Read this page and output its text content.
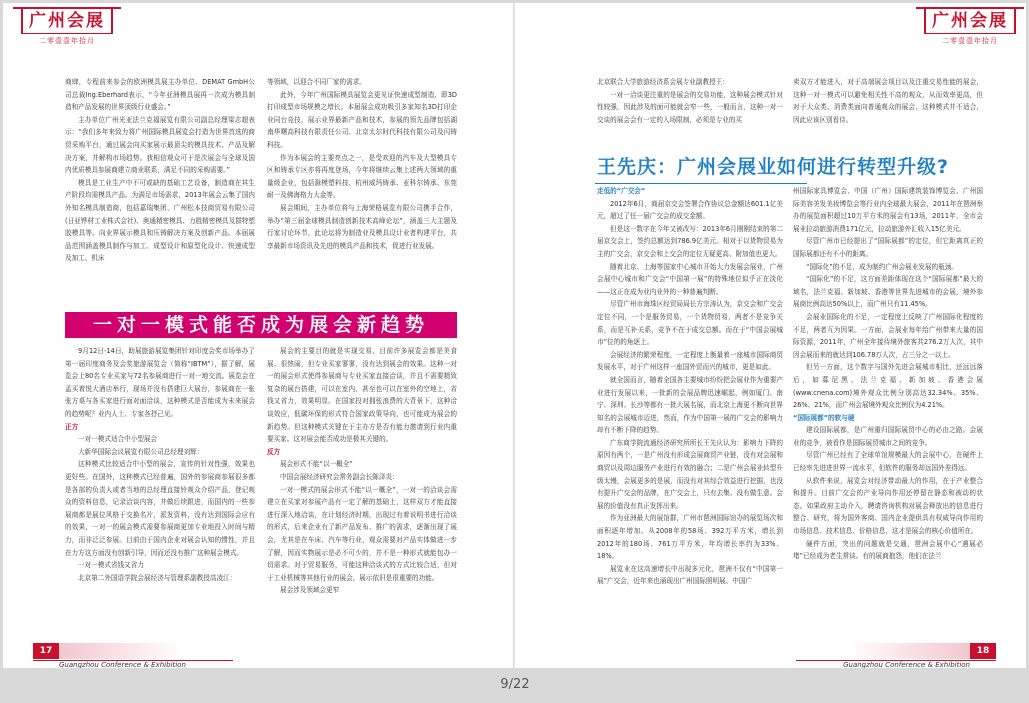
广州会展
二零壹壹年拾月

商肆，专程前来参会的欧洲模具展主办单位、DEMAT GmbH公司总裁Ing.Eberhard表示，“今年亚洲模具展再一次成为模具制造和产品发展的世界顶级行业盛会。”

主办单位广州光亚法兰克福展览有限公司副总经理梁志超表示：“我们多年来致力将广州国际模具展览会打造为世界首选的商贸采购平台，通过展会向买家展示最顶尖的模具技术、产品及解决方案，并解构市场趋势。我相信观众可于是次展会与全球及国内优质模具参展商建立商业联系，满足不同的采购需要。”

模具是工业生产中不可或缺的基础工艺设备，制造商在其生产阶段均需模具产品。为满足市场需求，2013年展会云集了国内外知名模具制造商，包括嘉瑞集团、广州松本技商贸易有限公司(日亚铧材工业株式会社)、奥通精密模具、力胜精密模具及群特塑胶模具等。向业界展示模具和压铸解决方案及创新产品。本届展品范围涵盖模具制作与加工、成型设计和原型化设计、快速成型及加工、机床

等领域，以迎合不同厂家的需求。

此外，今年广州国际模具展览会更见证快速成型制造、即3D打印成型市场规模之增长。本届展会成功吸引多家知名3D打印企业同台竞技，展示业界最新产品和技术，参展的领先品牌包括湖南华曙高科技有限责任公司、北京太尔时代科技有限公司及闪铸科技。

作为本展会的主要亮点之一，是受欢迎的汽车及大型模具专区和铸承专区亦将再度登场，今年将继续云集上述两大领域的重量级企业，包括滁模塑料技、杭州威玛铸承、亚科尔铸承、东莞耐一及佛海格力大金等。

展会期间，主办单位将与上海荣格展览有限公司携手合作，举办“第三届金球模具制造创新技术高峰论坛”，涵盖三大主题及行家讨论环节，此论坛将为制造业及模具设计业者构建平台，共享最新市场资讯及先进的模具产品和技术，促进行业发展。

一对一模式能否成为展会新趋势

9月12日-14日，助展旅游展览集团针对印度会奖市场举办了第一届印度商务及会奖旅游展览会（简称“IBTM”），据了解，展览会上80名专业买家与72名参展商进行一对一地交流。展览会在孟买着悦大酒店举行，现场并没有搭建巨大展台，参展商在一张张方桌与各买家进行面对面洽谈，这种模式是否能成为未来展会的趋势呢？业内人士、专家各抒己见。

正方

一对一模式适合中小型展会

大新华国际会议展览有限公司总经理刘辉：

这种模式比较适合中小型的展会，宣传的针对性强，效果也更好些。在国外，这种模式已经普遍，国外的参展商参展很多都是各部的负责人或者当地的总经理直接铃观众介绍产品，登记观众的资料信息，记录洽谈内容，并做后续跟进，而国内的一些参展商都是展位风格于交换名片，派发资料，没有达到国际会应有的效果，一对一的展会模式需要参展商更加专业地投入时间与精力，而非泛泛参展。目前由于国内企业对展会认知的惯性，并且在力方这方面没有创新引导，因而还没有推广这种展会模式。

一对一模式省钱又省力

北京第二外国语学院会展经济与管理系副教授高凌江：

展会的主要目的就是实现交易，目前许多展览会都是美食展、很热闹，但专业买家寥寥，没有达到展会的效果。这种一对一的展会形式使得参展商与专业买家直接洽谈，并且不需要精致复杂的展台搭建，可以在室内，甚至也可以在室外的空地上，省钱又省力，效果明显。在国家投对拥张浪费的大背景下，这种洽谈效应，低碳环保的形式符合国家政策导向，也可能成为展会的新趋势。但这种模式关键在于主办方是否有能力邀请到行业内重要买家。这对展会能否成功是极其关键的。

反方

展会形式不能“以一概全”

中国会展经济研究会常务副会长陈泽炎：

一对一模式的展会形式不能“以一概全”，一对一的洽谈会需建立在买家对参展产品有一定了解的基础上，这样双方才能直接进行深入地洽谈，在计划经济时期，出现过有着说明书进行洽谈的形式，后来企业有了新产品发布、推广的需求，逐渐出现了展会，尤其是在车床、汽车等行业，观众需要对产品实体做进一步了解，因而实物展示是必不可少的，并不是一种形式就能包办一切需求。对于贸易服务，可能这种洽谈式的方式比较合适，但对于工业机械等其他行业的展会，展示依旧是很重要的功能。

展会涉及领域会更窄

17
Guangzhou Conference & Exhibition
广州会展
二零壹壹年拾月

北京联合大学旅游经济系会展专业副教授王：

一对一洽谈更注重的是展会的交易功能，这种展会模式针对性较强，因此涉及的面可能就会窄一些，一般而言，这种一对一交谈的展会会有一定的入场限制，必须是专业的买

卖双方才能进入，对于高端展会项目以及注重交易性能的展会，这种一对一模式可以避免相关性不高的观众，从而效率更高，但对于大众类、消费类面向普通观众的展会，这种模式并不适合，因此应该区别看待。

王先庆：广州会展业如何进行转型升级?

走低的“广交会”

2012年6月，商届京交会签署合作协议总金额达601.1亿美元，超过了任一届广交会的成交金额。

但是这一数字在今年又被改写：2013年6月刚刚结束的第二届京交会上，签约总额达到786.9亿美元。相对于以货物贸易为主的广交会，京交会和上交会的定位无疑更高、附加值也更大。

随着北京、上海等国家中心城市开始大力发展会展业，广州会展中心城市和广交会“中国第一展”的特殊地位似乎正在淡化——这正在成为业内业外的一种普遍判断。

尽管广州市海珠区经贸局局长方宗涛认为，京交会和广交会定位不同，一个是服务贸易，一个货物贸易，两者不是竞争关系，而是互补关系，竞争不在于成交总额。而在于“中国会展城市”位的的角逐上。

会展经济的繁荣程度，一定程度上衡量着一座城市国际商贸发展水平，对于广州这样一座国外贸而兴的城市，更是如此。

就全国而言，随着全国各主要城市纷纷把会展业作为重要产业进行发展以来，一批新的会展品牌迅速崛起，例如厦门、南宁、深圳、长沙等都有一批大展名展，而北京上海更不断向世界知名的会展城市迈进，然而，作为中国第一展的广交会的影响力却有不断下降的趋势。

广东商学院流通经济研究所所长王先庆认为：影响力下降的原因有两个，一是广州没有形成会展商贸产业链，没有对会展和商贸以及周边服务产业进行有效的融合；二是广州会展业转型升级太慢，会展更多的是展，而没有对其综合效益进行挖掘，也没有提升广交会的品牌，在广交会上，只有去集、没有做生意。会展的价值没有真正发挥出来。

作为亚洲最大的展馆群，广州市琶洲国际馆办的展览场次和面积逐年增加。从2008年的58场、392万平方米，增长到2012年的180场、761万平方米，年均增长率约为33%、18%。

展览业在这高速增长中出现多元化，琶洲不仅有“中国第一展”广交会，近年来也涌现出广州国际照明展、中国广

州国际家具博览会、中国（广州）国际建筑装饰博览会、广州国际美容美发美妆博览会等行业内全球最大展会，2011年在琶洲举办的展览面积超过10万平方米的展会有13场，2011年，全市会展业拉动旅游消费171亿元，拉动旅游外汇收入15亿美元。

尽管广州市已经提出了“国际展都”的定位，但它距离真正的国际展都还有不小的距离。

“国际化”的不足，成为制约广州会展业发展的瓶颈。

“国际化”的不足，这方面差距体现在这个“国际展都”最大的域名，法兰克福、新加坡、香港等世界先进城市的会展，境外参展商比例高达50%以上，而广州只有11.45%。

会展业国际化的不足，一定程度上反映了广州国际化程度的不足，两者互为因果。一方面，会展业每年给广州带来大量的国际资源，2011年，广州全年接待境外旅客共276.2万人次，其中因会展而来的就达到106.78万人次，占三分之一以上。

但另一方面，这个数字与国外先进会展城市相比，还远远落后，如募尼黑、法兰克福、新加坡、香港会展(www.cnena.com)境外观众比例分别高达32.34%、35%、26%、21%，而广州会展境外观众比例仅为4.21%。

“国际展都”的软与硬

建设国际展都，是广州重归国际展贸中心的必由之路。会展业的竞争，被看作是国际展贸城市之间的竞争。

尽管广州已经有了全球单馆规模最大的会展中心，在硬件上已经率先进进世界一流水平，但软件的服务却远国外差得远。

从软件来说，展览会对经济带动最大的作用，在于产业整合和提升。目前广交会的产业导向作用还停留在静态和被动的状态。如果政府主动介入，聘请咨询机构对展会释放出的信息进行整合、研究，将为国外客商、国内企业提供具有权威导向作用的市场信息、技术信息、价格信息，这才是展会的核心价值所在。

硬件方面，突出的问题就是交通，琶洲会展中心“遇展必堵”已经成为老生常谈。有的展商抱怨，他们在法兰

18
Guangzhou Conference & Exhibition
9/22
